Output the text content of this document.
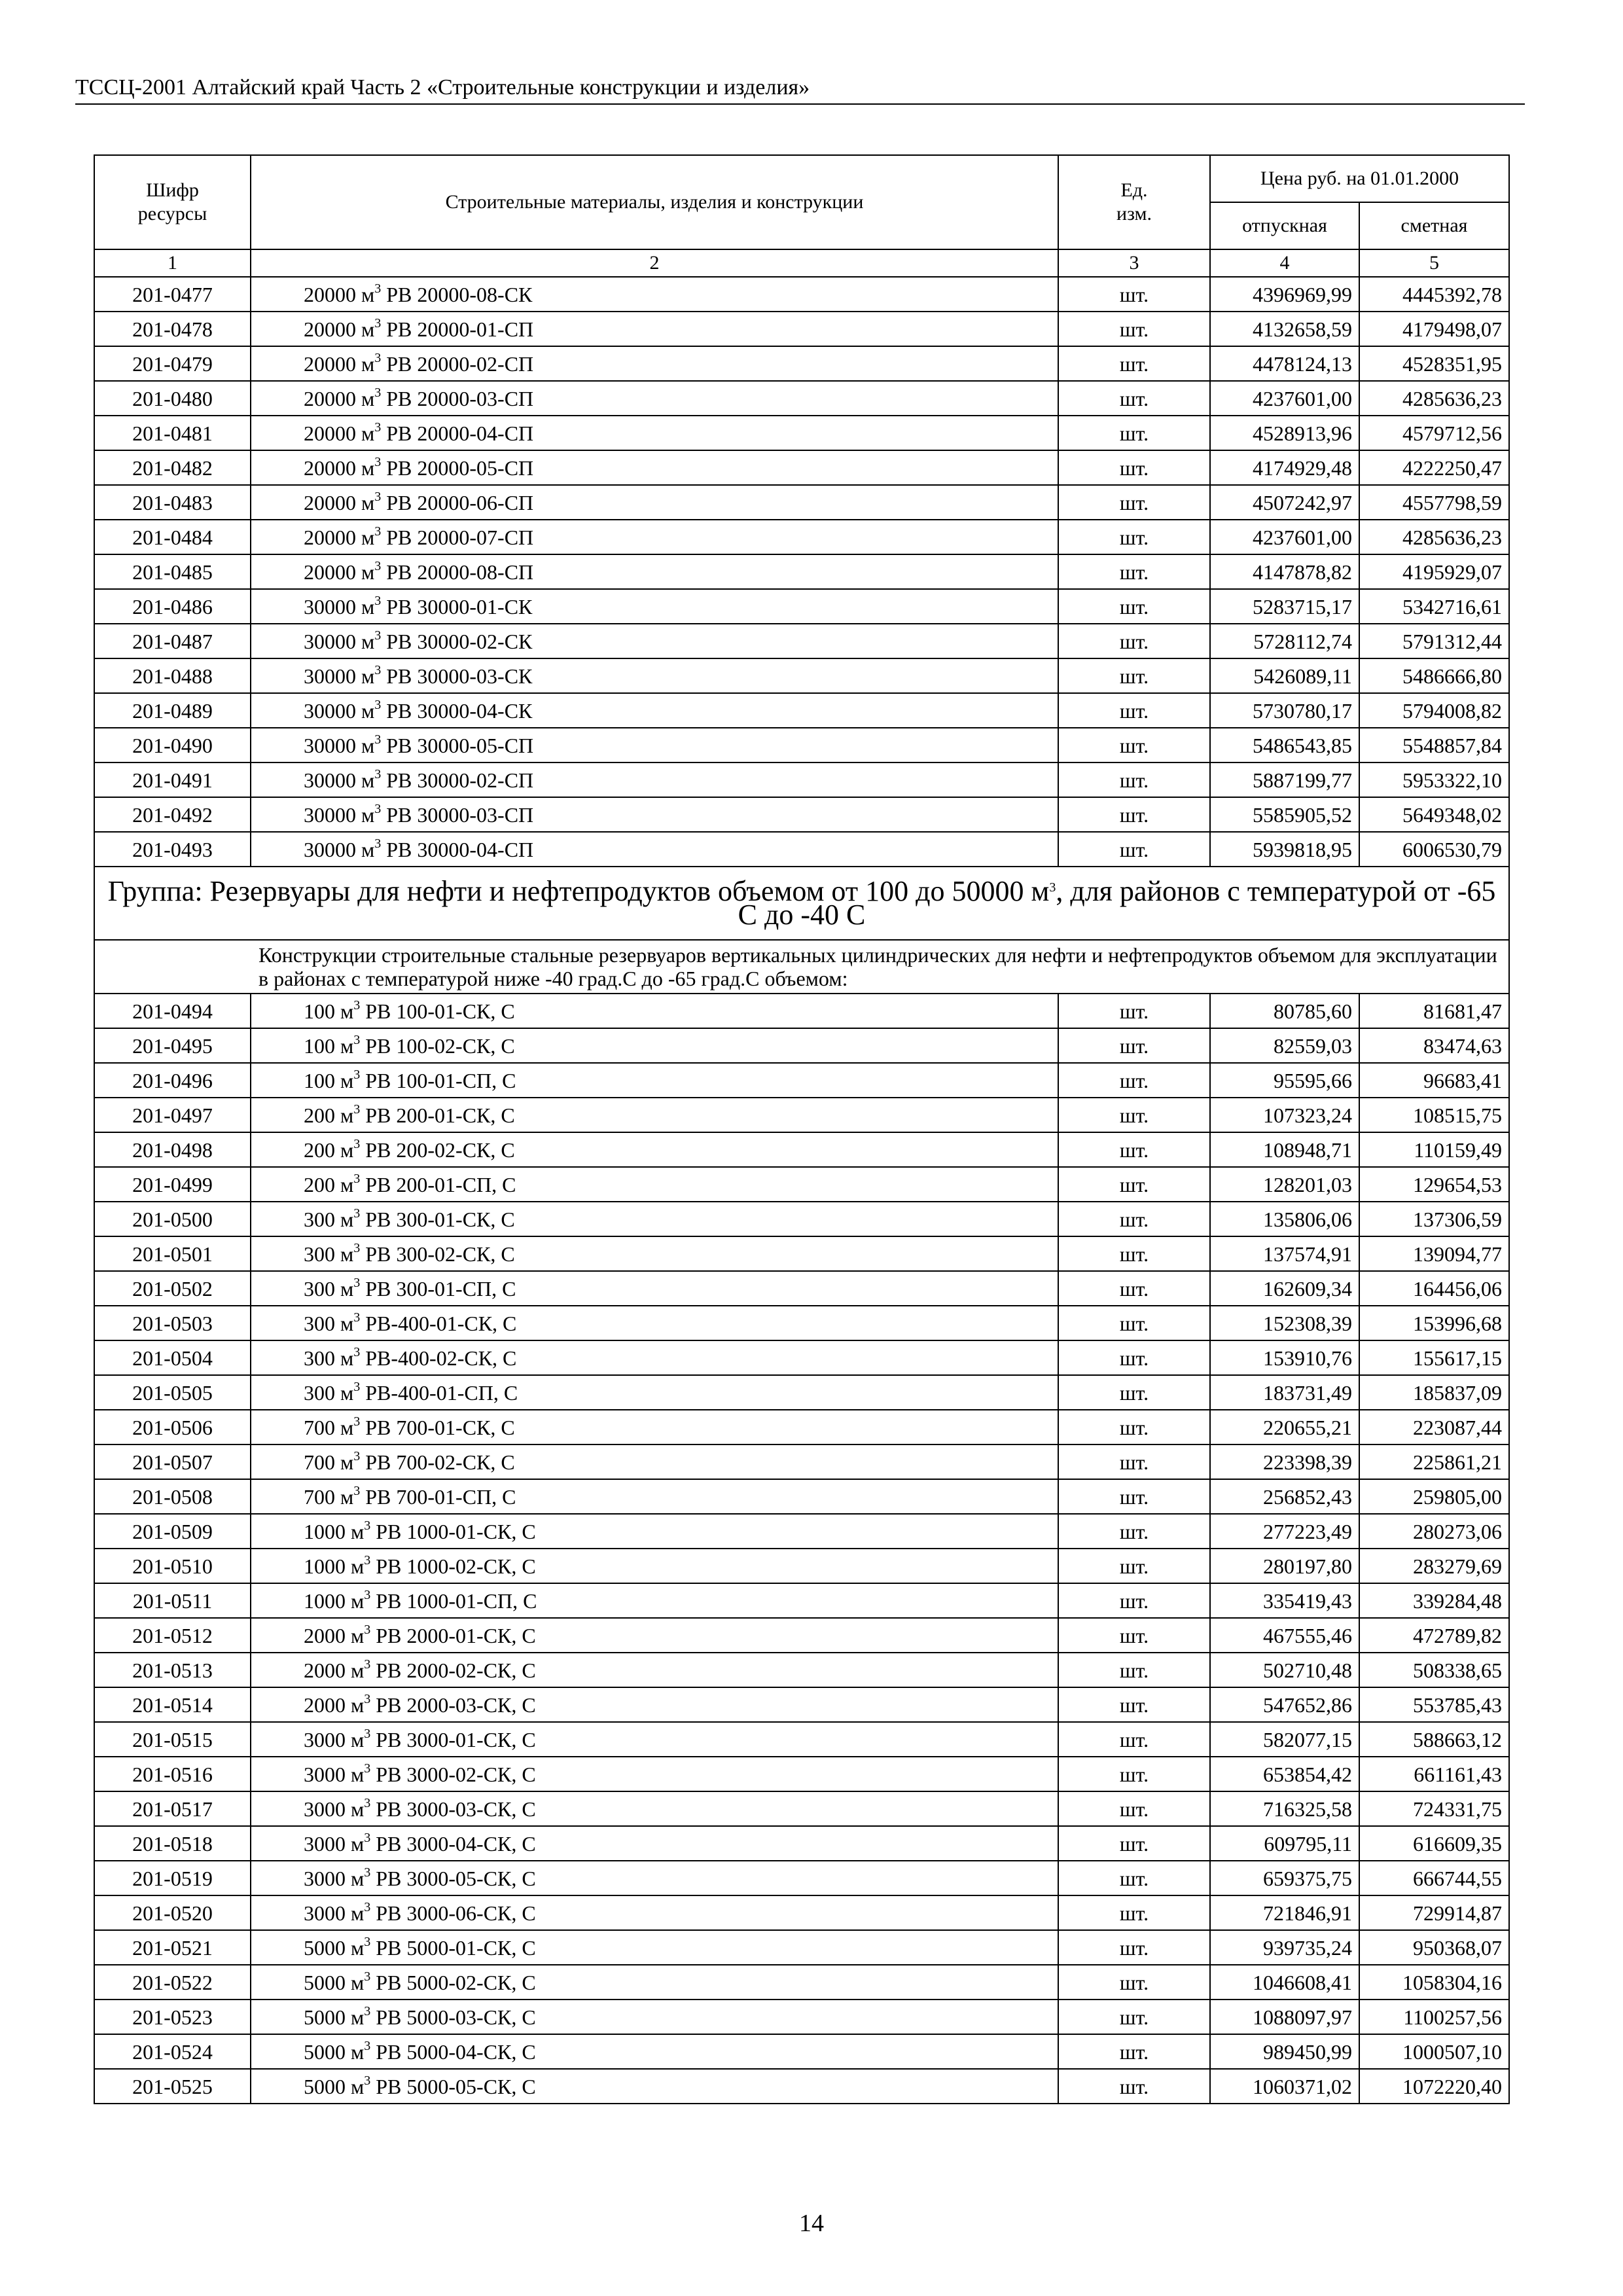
ТССЦ-2001 Алтайский край Часть 2 «Строительные конструкции и изделия»
Шифр ресурсы	Строительные материалы, изделия и конструкции	Ед. изм.	Цена руб. на 01.01.2000	
			отпускная	сметная
1	2	3	4	5
201-0477	20000 $м^3$ РВ 20000-08-СК	шт.	4396969,99	4445392,78
201-0478	20000 $м^3$ РВ 20000-01-СП	шт.	4132658,59	4179498,07
201-0479	20000 $м^3$ РВ 20000-02-СП	шт.	4478124,13	4528351,95
201-0480	20000 $м^3$ РВ 20000-03-СП	шт.	4237601,00	4285636,23
201-0481	20000 $м^3$ РВ 20000-04-СП	шт.	4528913,96	4579712,56
201-0482	20000 $м^3$ РВ 20000-05-СП	шт.	4174929,48	4222250,47
201-0483	20000 $м^3$ РВ 20000-06-СП	шт.	4507242,97	4557798,59
201-0484	20000 $м^3$ РВ 20000-07-СП	шт.	4237601,00	4285636,23
201-0485	20000 $м^3$ РВ 20000-08-СП	шт.	4147878,82	4195929,07
201-0486	30000 $м^3$ РВ 30000-01-СК	шт.	5283715,17	5342716,61
201-0487	30000 $м^3$ РВ 30000-02-СК	шт.	5728112,74	5791312,44
201-0488	30000 $м^3$ РВ 30000-03-СК	шт.	5426089,11	5486666,80
201-0489	30000 $м^3$ РВ 30000-04-СК	шт.	5730780,17	5794008,82
201-0490	30000 $м^3$ РВ 30000-05-СП	шт.	5486543,85	5548857,84
201-0491	30000 $м^3$ РВ 30000-02-СП	шт.	5887199,77	5953322,10
201-0492	30000 $м^3$ РВ 30000-03-СП	шт.	5585905,52	5649348,02
201-0493	30000 $м^3$ РВ 30000-04-СП	шт.	5939818,95	6006530,79
Группа: Резервуары для нефти и нефтепродуктов объемом от 100 до 50000 $м^3$, для районов с температурой от -65 С до -40 С				
Конструкции строительные стальные резервуаров вертикальных цилиндрических для нефти и нефтепродуктов объемом для эксплуатации в районах с температурой ниже -40 град.С до -65 град.С объемом:				
201-0494	100 $м^3$ РВ 100-01-СК, С	шт.	80785,60	81681,47
201-0495	100 $м^3$ РВ 100-02-СК, С	шт.	82559,03	83474,63
201-0496	100 $м^3$ РВ 100-01-СП, С	шт.	95595,66	96683,41
201-0497	200 $м^3$ РВ 200-01-СК, С	шт.	107323,24	108515,75
201-0498	200 $м^3$ РВ 200-02-СК, С	шт.	108948,71	110159,49
201-0499	200 $м^3$ РВ 200-01-СП, С	шт.	128201,03	129654,53
201-0500	300 $м^3$ РВ 300-01-СК, С	шт.	135806,06	137306,59
201-0501	300 $м^3$ РВ 300-02-СК, С	шт.	137574,91	139094,77
201-0502	300 $м^3$ РВ 300-01-СП, С	шт.	162609,34	164456,06
201-0503	300 $м^3$ РВ-400-01-СК, С	шт.	152308,39	153996,68
201-0504	300 $м^3$ РВ-400-02-СК, С	шт.	153910,76	155617,15
201-0505	300 $м^3$ РВ-400-01-СП, С	шт.	183731,49	185837,09
201-0506	700 $м^3$ РВ 700-01-СК, С	шт.	220655,21	223087,44
201-0507	700 $м^3$ РВ 700-02-СК, С	шт.	223398,39	225861,21
201-0508	700 $м^3$ РВ 700-01-СП, С	шт.	256852,43	259805,00
201-0509	1000 $м^3$ РВ 1000-01-СК, С	шт.	277223,49	280273,06
201-0510	1000 $м^3$ РВ 1000-02-СК, С	шт.	280197,80	283279,69
201-0511	1000 $м^3$ РВ 1000-01-СП, С	шт.	335419,43	339284,48
201-0512	2000 $м^3$ РВ 2000-01-СК, С	шт.	467555,46	472789,82
201-0513	2000 $м^3$ РВ 2000-02-СК, С	шт.	502710,48	508338,65
201-0514	2000 $м^3$ РВ 2000-03-СК, С	шт.	547652,86	553785,43
201-0515	3000 $м^3$ РВ 3000-01-СК, С	шт.	582077,15	588663,12
201-0516	3000 $м^3$ РВ 3000-02-СК, С	шт.	653854,42	661161,43
201-0517	3000 $м^3$ РВ 3000-03-СК, С	шт.	716325,58	724331,75
201-0518	3000 $м^3$ РВ 3000-04-СК, С	шт.	609795,11	616609,35
201-0519	3000 $м^3$ РВ 3000-05-СК, С	шт.	659375,75	666744,55
201-0520	3000 $м^3$ РВ 3000-06-СК, С	шт.	721846,91	729914,87
201-0521	5000 $м^3$ РВ 5000-01-СК, С	шт.	939735,24	950368,07
201-0522	5000 $м^3$ РВ 5000-02-СК, С	шт.	1046608,41	1058304,16
201-0523	5000 $м^3$ РВ 5000-03-СК, С	шт.	1088097,97	1100257,56
201-0524	5000 $м^3$ РВ 5000-04-СК, С	шт.	989450,99	1000507,10
201-0525	5000 $м^3$ РВ 5000-05-СК, С	шт.	1060371,02	1072220,40
14
